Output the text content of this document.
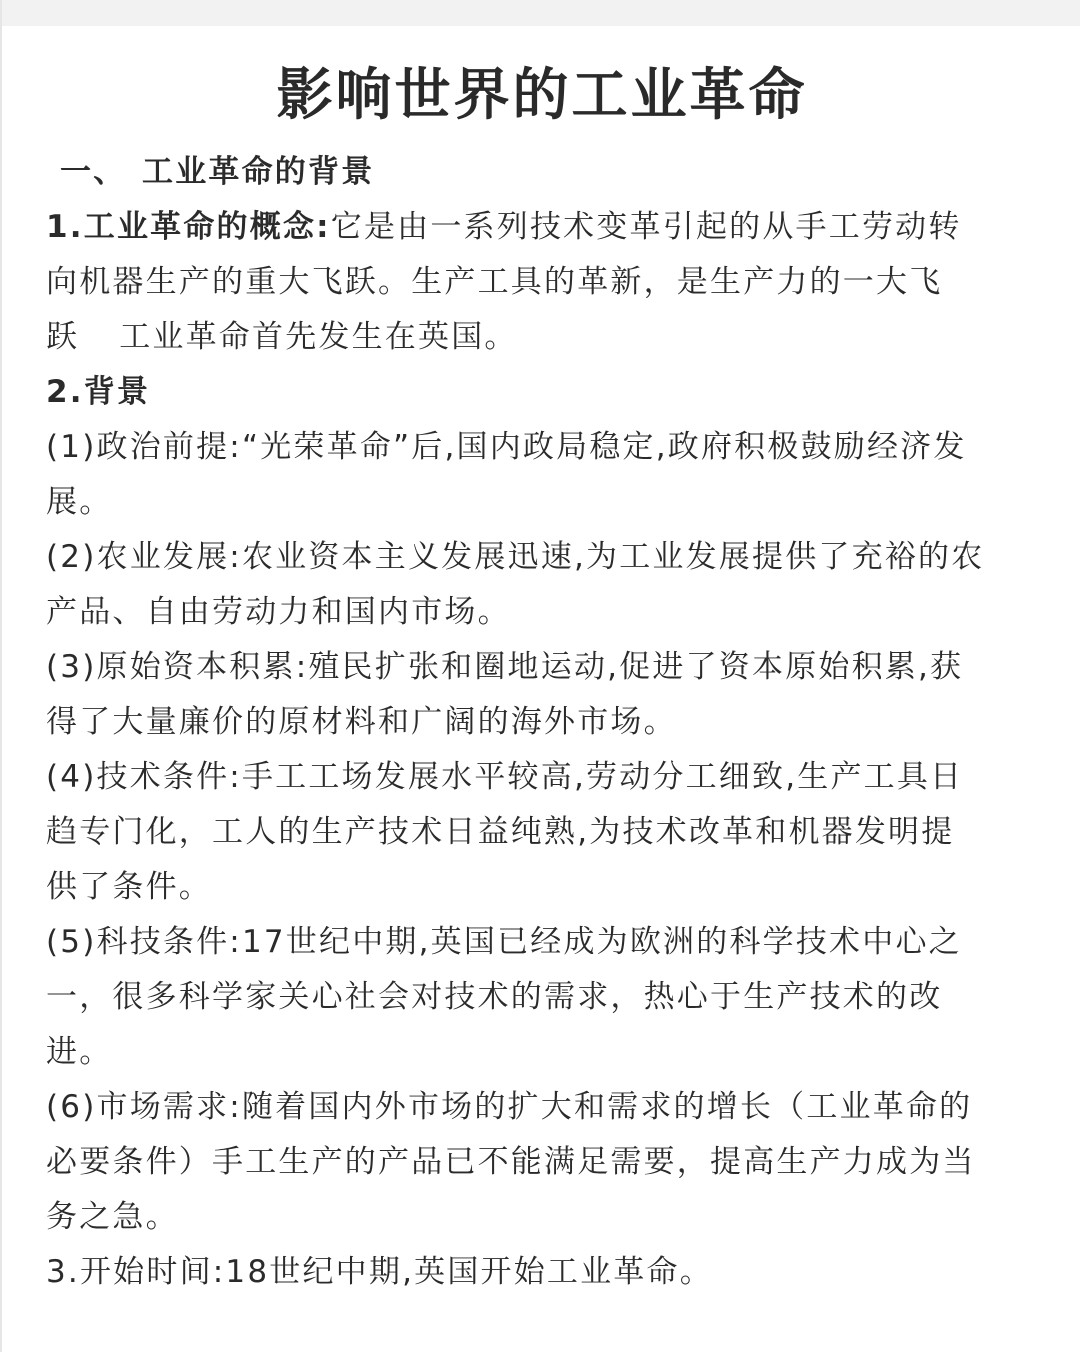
影响世界的工业革命
一、 工业革命的背景
1.工业革命的概念:它是由一系列技术变革引起的从手工劳动转
向机器生产的重大飞跃。生产工具的革新，是生产力的一大飞
跃 工业革命首先发生在英国。
2.背景
(1)政治前提:“光荣革命”后,国内政局稳定,政府积极鼓励经济发
展。
(2)农业发展:农业资本主义发展迅速,为工业发展提供了充裕的农
产品、自由劳动力和国内市场。
(3)原始资本积累:殖民扩张和圈地运动,促进了资本原始积累,获
得了大量廉价的原材料和广阔的海外市场。
(4)技术条件:手工工场发展水平较高,劳动分工细致,生产工具日
趋专门化，工人的生产技术日益纯熟,为技术改革和机器发明提
供了条件。
(5)科技条件:17世纪中期,英国已经成为欧洲的科学技术中心之
一，很多科学家关心社会对技术的需求，热心于生产技术的改
进。
(6)市场需求:随着国内外市场的扩大和需求的增长（工业革命的
必要条件）手工生产的产品已不能满足需要，提高生产力成为当
务之急。
3.开始时间:18世纪中期,英国开始工业革命。
